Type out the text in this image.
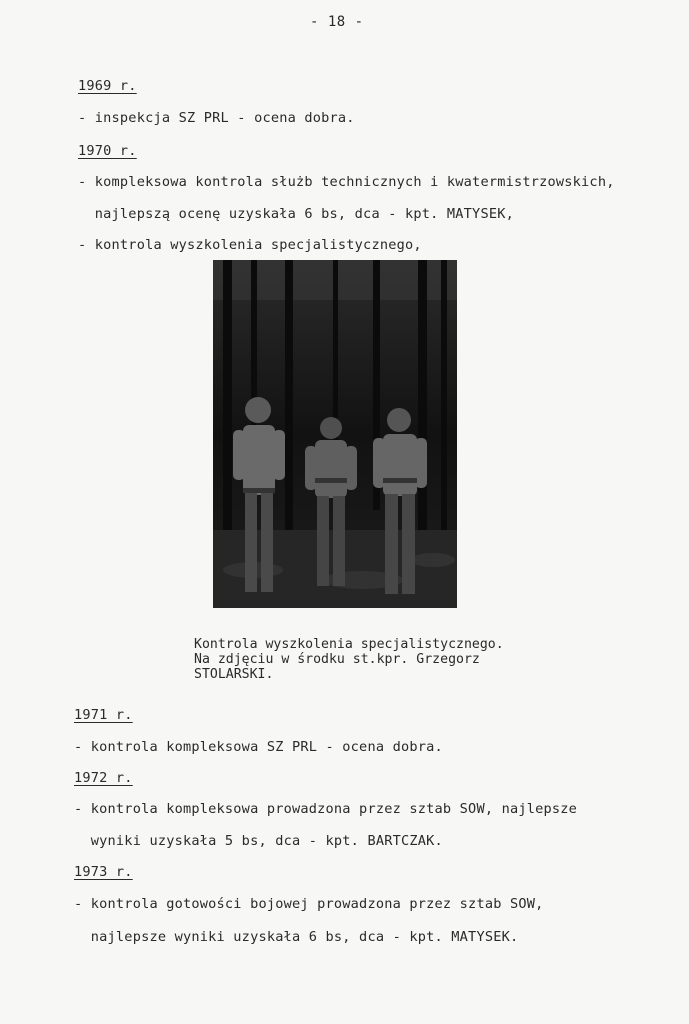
- 18 -
1969 r.
- inspekcja SZ PRL - ocena dobra.
1970 r.
- kompleksowa kontrola służb technicznych i kwatermistrzowskich,
najlepszą ocenę uzyskała 6 bs, dca - kpt. MATYSEK,
- kontrola wyszkolenia specjalistycznego,
Kontrola wyszkolenia specjalistycznego.
Na zdjęciu w środku st.kpr. Grzegorz
STOLARSKI.
1971 r.
- kontrola kompleksowa SZ PRL - ocena dobra.
1972 r.
- kontrola kompleksowa prowadzona przez sztab SOW, najlepsze
wyniki uzyskała 5 bs, dca - kpt. BARTCZAK.
1973 r.
- kontrola gotowości bojowej prowadzona przez sztab SOW,
najlepsze wyniki uzyskała 6 bs, dca - kpt. MATYSEK.
